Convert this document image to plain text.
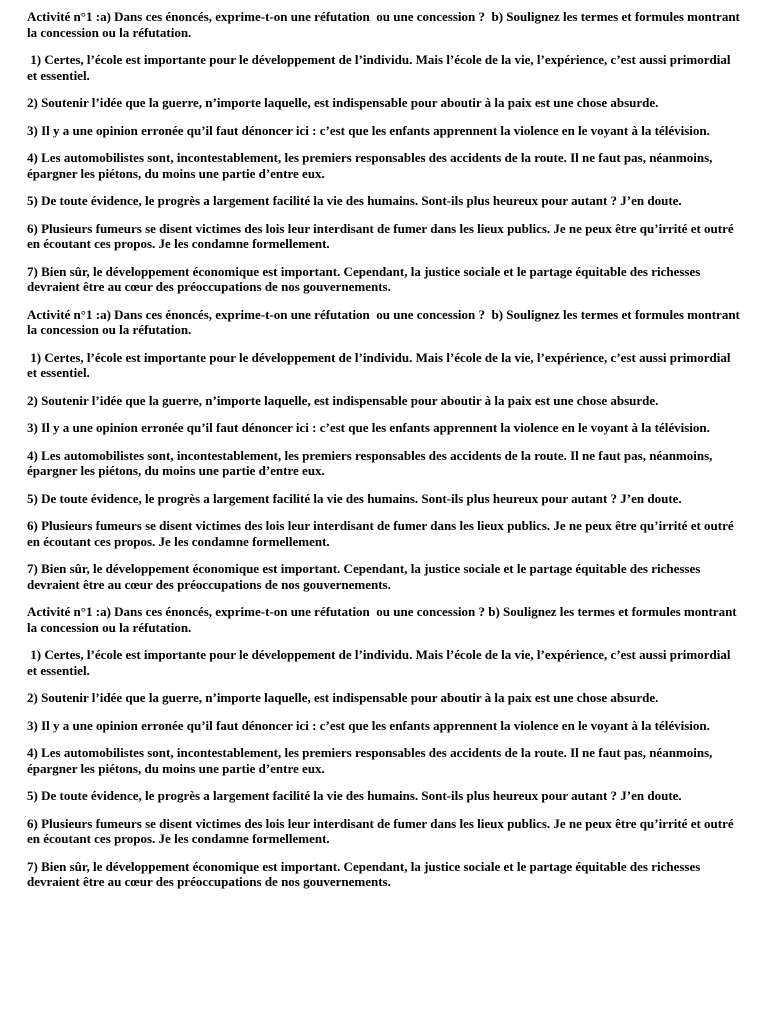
Activité n°1 :a) Dans ces énoncés, exprime-t-on une réfutation  ou une concession ?  b) Soulignez les termes et formules montrant la concession ou la réfutation.

1) Certes, l’école est importante pour le développement de l’individu. Mais l’école de la vie, l’expérience, c’est aussi primordial et essentiel.

2) Soutenir l’idée que la guerre, n’importe laquelle, est indispensable pour aboutir à la paix est une chose absurde.

3) Il y a une opinion erronée qu’il faut dénoncer ici : c’est que les enfants apprennent la violence en le voyant à la télévision.

4) Les automobilistes sont, incontestablement, les premiers responsables des accidents de la route. Il ne faut pas, néanmoins, épargner les piétons, du moins une partie d’entre eux.

5) De toute évidence, le progrès a largement facilité la vie des humains. Sont-ils plus heureux pour autant ? J’en doute.

6) Plusieurs fumeurs se disent victimes des lois leur interdisant de fumer dans les lieux publics. Je ne peux être qu’irrité et outré en écoutant ces propos. Je les condamne formellement.

7) Bien sûr, le développement économique est important. Cependant, la justice sociale et le partage équitable des richesses devraient être au cœur des préoccupations de nos gouvernements.

Activité n°1 :a) Dans ces énoncés, exprime-t-on une réfutation  ou une concession ?  b) Soulignez les termes et formules montrant la concession ou la réfutation.

1) Certes, l’école est importante pour le développement de l’individu. Mais l’école de la vie, l’expérience, c’est aussi primordial et essentiel.

2) Soutenir l’idée que la guerre, n’importe laquelle, est indispensable pour aboutir à la paix est une chose absurde.

3) Il y a une opinion erronée qu’il faut dénoncer ici : c’est que les enfants apprennent la violence en le voyant à la télévision.

4) Les automobilistes sont, incontestablement, les premiers responsables des accidents de la route. Il ne faut pas, néanmoins, épargner les piétons, du moins une partie d’entre eux.

5) De toute évidence, le progrès a largement facilité la vie des humains. Sont-ils plus heureux pour autant ? J’en doute.

6) Plusieurs fumeurs se disent victimes des lois leur interdisant de fumer dans les lieux publics. Je ne peux être qu’irrité et outré en écoutant ces propos. Je les condamne formellement.

7) Bien sûr, le développement économique est important. Cependant, la justice sociale et le partage équitable des richesses devraient être au cœur des préoccupations de nos gouvernements.

Activité n°1 :a) Dans ces énoncés, exprime-t-on une réfutation  ou une concession ? b) Soulignez les termes et formules montrant la concession ou la réfutation.

1) Certes, l’école est importante pour le développement de l’individu. Mais l’école de la vie, l’expérience, c’est aussi primordial et essentiel.

2) Soutenir l’idée que la guerre, n’importe laquelle, est indispensable pour aboutir à la paix est une chose absurde.

3) Il y a une opinion erronée qu’il faut dénoncer ici : c’est que les enfants apprennent la violence en le voyant à la télévision.

4) Les automobilistes sont, incontestablement, les premiers responsables des accidents de la route. Il ne faut pas, néanmoins, épargner les piétons, du moins une partie d’entre eux.

5) De toute évidence, le progrès a largement facilité la vie des humains. Sont-ils plus heureux pour autant ? J’en doute.

6) Plusieurs fumeurs se disent victimes des lois leur interdisant de fumer dans les lieux publics. Je ne peux être qu’irrité et outré en écoutant ces propos. Je les condamne formellement.

7) Bien sûr, le développement économique est important. Cependant, la justice sociale et le partage équitable des richesses devraient être au cœur des préoccupations de nos gouvernements.
